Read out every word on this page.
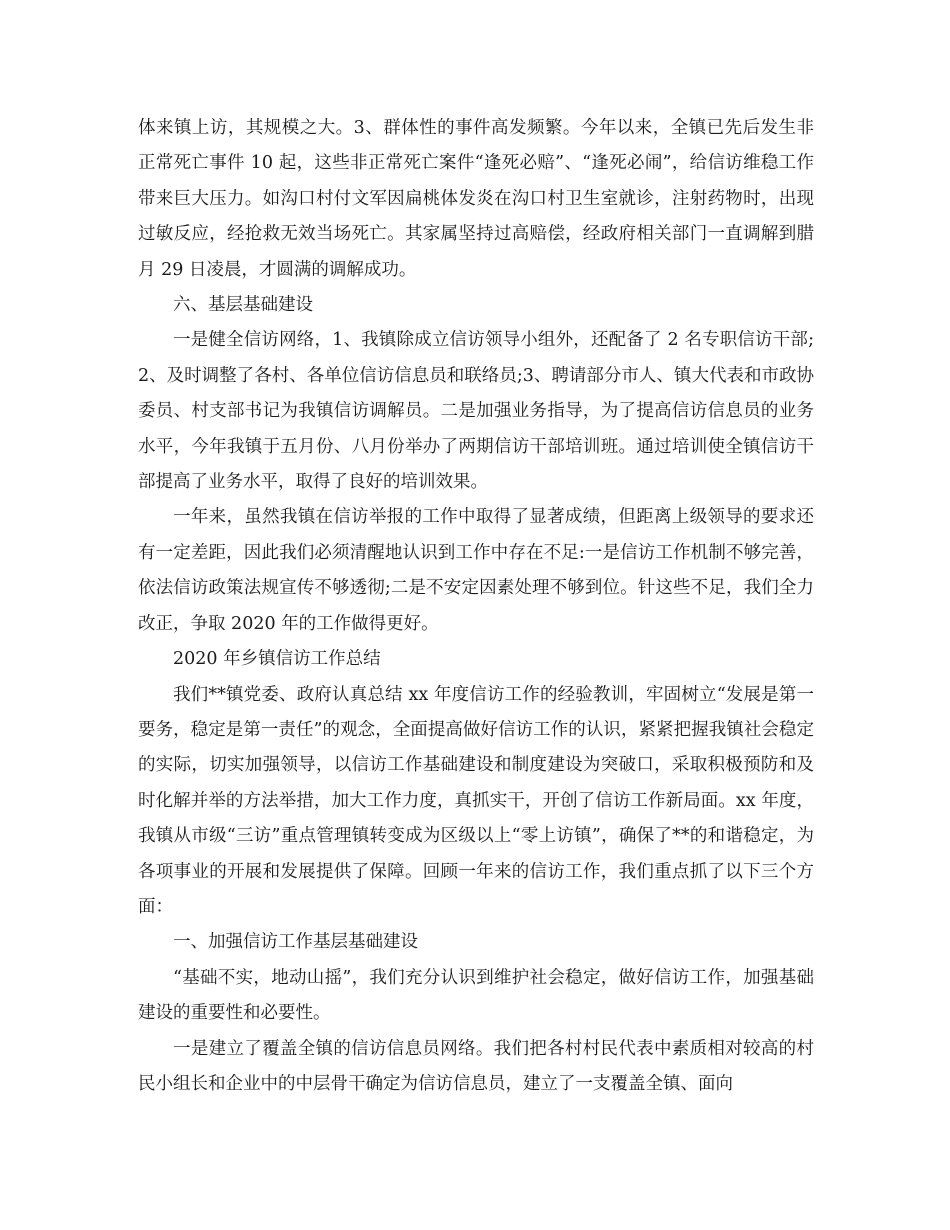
体来镇上访，其规模之大。3、群体性的事件高发频繁。今年以来，全镇已先后发生非正常死亡事件 10 起，这些非正常死亡案件“逢死必赔”、“逢死必闹”，给信访维稳工作带来巨大压力。如沟口村付文军因扁桃体发炎在沟口村卫生室就诊，注射药物时，出现过敏反应，经抢救无效当场死亡。其家属坚持过高赔偿，经政府相关部门一直调解到腊月 29 日凌晨，才圆满的调解成功。

六、基层基础建设

一是健全信访网络，1、我镇除成立信访领导小组外，还配备了 2 名专职信访干部;2、及时调整了各村、各单位信访信息员和联络员;3、聘请部分市人、镇大代表和市政协委员、村支部书记为我镇信访调解员。二是加强业务指导，为了提高信访信息员的业务水平，今年我镇于五月份、八月份举办了两期信访干部培训班。通过培训使全镇信访干部提高了业务水平，取得了良好的培训效果。

一年来，虽然我镇在信访举报的工作中取得了显著成绩，但距离上级领导的要求还有一定差距，因此我们必须清醒地认识到工作中存在不足:一是信访工作机制不够完善，依法信访政策法规宣传不够透彻;二是不安定因素处理不够到位。针这些不足，我们全力改正，争取 2020 年的工作做得更好。

2020 年乡镇信访工作总结

我们**镇党委、政府认真总结 xx 年度信访工作的经验教训，牢固树立“发展是第一要务，稳定是第一责任”的观念，全面提高做好信访工作的认识，紧紧把握我镇社会稳定的实际，切实加强领导，以信访工作基础建设和制度建设为突破口，采取积极预防和及时化解并举的方法举措，加大工作力度，真抓实干，开创了信访工作新局面。xx 年度，我镇从市级“三访”重点管理镇转变成为区级以上“零上访镇”，确保了**的和谐稳定，为各项事业的开展和发展提供了保障。回顾一年来的信访工作，我们重点抓了以下三个方面：

一、加强信访工作基层基础建设

“基础不实，地动山摇”，我们充分认识到维护社会稳定，做好信访工作，加强基础建设的重要性和必要性。

一是建立了覆盖全镇的信访信息员网络。我们把各村村民代表中素质相对较高的村民小组长和企业中的中层骨干确定为信访信息员，建立了一支覆盖全镇、面向
